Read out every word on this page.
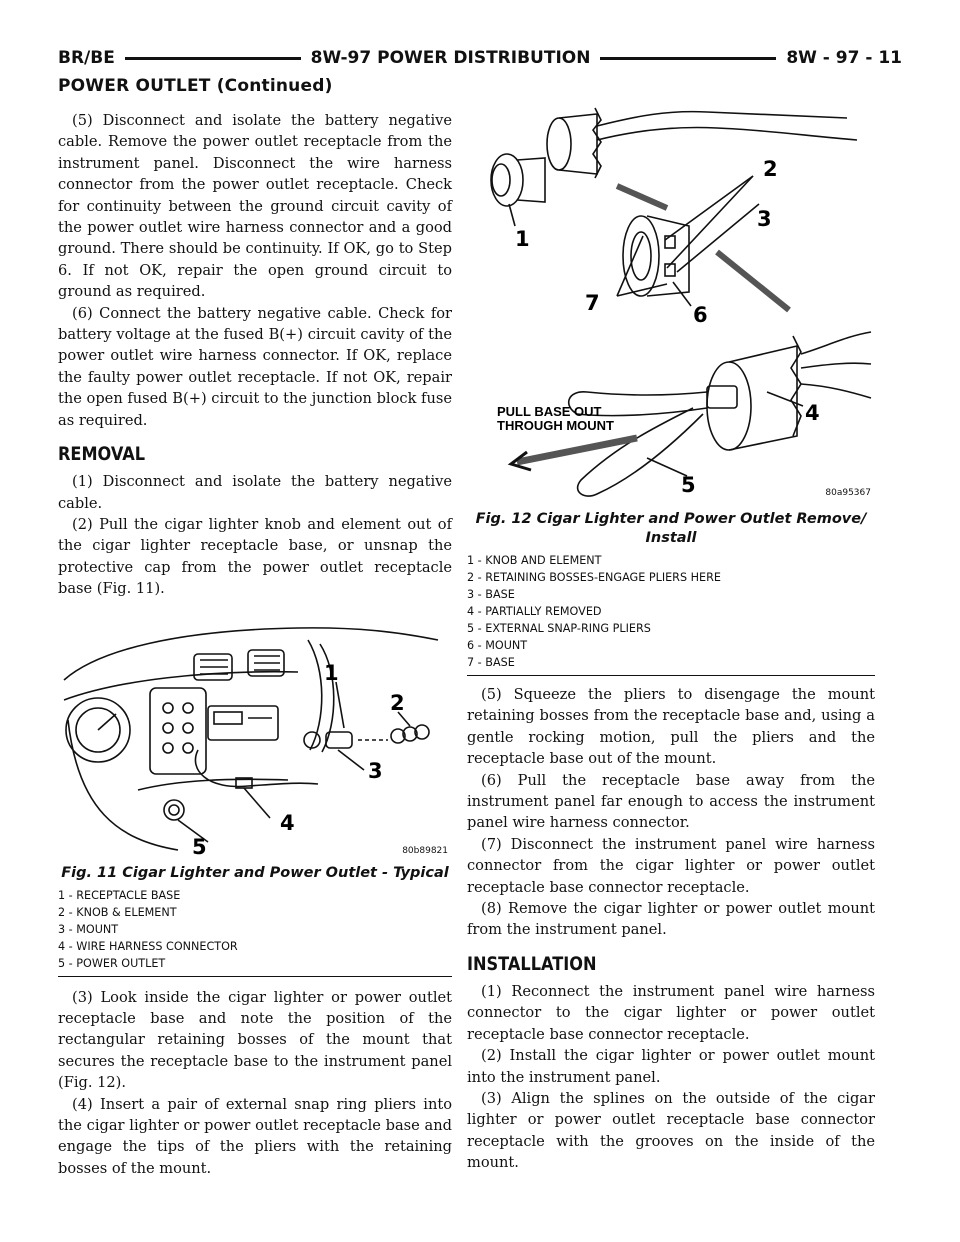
BR/BE	8W-97 POWER DISTRIBUTION	8W - 97 - 11
POWER OUTLET (Continued)

(5) Disconnect and isolate the battery negative cable. Remove the power outlet receptacle from the instrument panel. Disconnect the wire harness connector from the power outlet receptacle. Check for continuity between the ground circuit cavity of the power outlet wire harness connector and a good ground. There should be continuity. If OK, go to Step 6. If not OK, repair the open ground circuit to ground as required.

(6) Connect the battery negative cable. Check for battery voltage at the fused B(+) circuit cavity of the power outlet wire harness connector. If OK, replace the faulty power outlet receptacle. If not OK, repair the open fused B(+) circuit to the junction block fuse as required.

REMOVAL

(1) Disconnect and isolate the battery negative cable.

(2) Pull the cigar lighter knob and element out of the cigar lighter receptacle base, or unsnap the protective cap from the power outlet receptacle base (Fig. 11).

1
2
3
4
5	80b89821
Fig. 11 Cigar Lighter and Power Outlet - Typical
1 - RECEPTACLE BASE
2 - KNOB & ELEMENT
3 - MOUNT
4 - WIRE HARNESS CONNECTOR
5 - POWER OUTLET

(3) Look inside the cigar lighter or power outlet receptacle base and note the position of the rectangular retaining bosses of the mount that secures the receptacle base to the instrument panel (Fig. 12).

(4) Insert a pair of external snap ring pliers into the cigar lighter or power outlet receptacle base and engage the tips of the pliers with the retaining bosses of the mount.

1
2
3
4
5
6
7
PULL BASE OUT
THROUGH MOUNT
80a95367
Fig. 12 Cigar Lighter and Power Outlet Remove/
Install
1 - KNOB AND ELEMENT
2 - RETAINING BOSSES-ENGAGE PLIERS HERE
3 - BASE
4 - PARTIALLY REMOVED
5 - EXTERNAL SNAP-RING PLIERS
6 - MOUNT
7 - BASE

(5) Squeeze the pliers to disengage the mount retaining bosses from the receptacle base and, using a gentle rocking motion, pull the pliers and the receptacle base out of the mount.

(6) Pull the receptacle base away from the instrument panel far enough to access the instrument panel wire harness connector.

(7) Disconnect the instrument panel wire harness connector from the cigar lighter or power outlet receptacle base connector receptacle.

(8) Remove the cigar lighter or power outlet mount from the instrument panel.

INSTALLATION

(1) Reconnect the instrument panel wire harness connector to the cigar lighter or power outlet receptacle base connector receptacle.

(2) Install the cigar lighter or power outlet mount into the instrument panel.

(3) Align the splines on the outside of the cigar lighter or power outlet receptacle base connector receptacle with the grooves on the inside of the mount.
